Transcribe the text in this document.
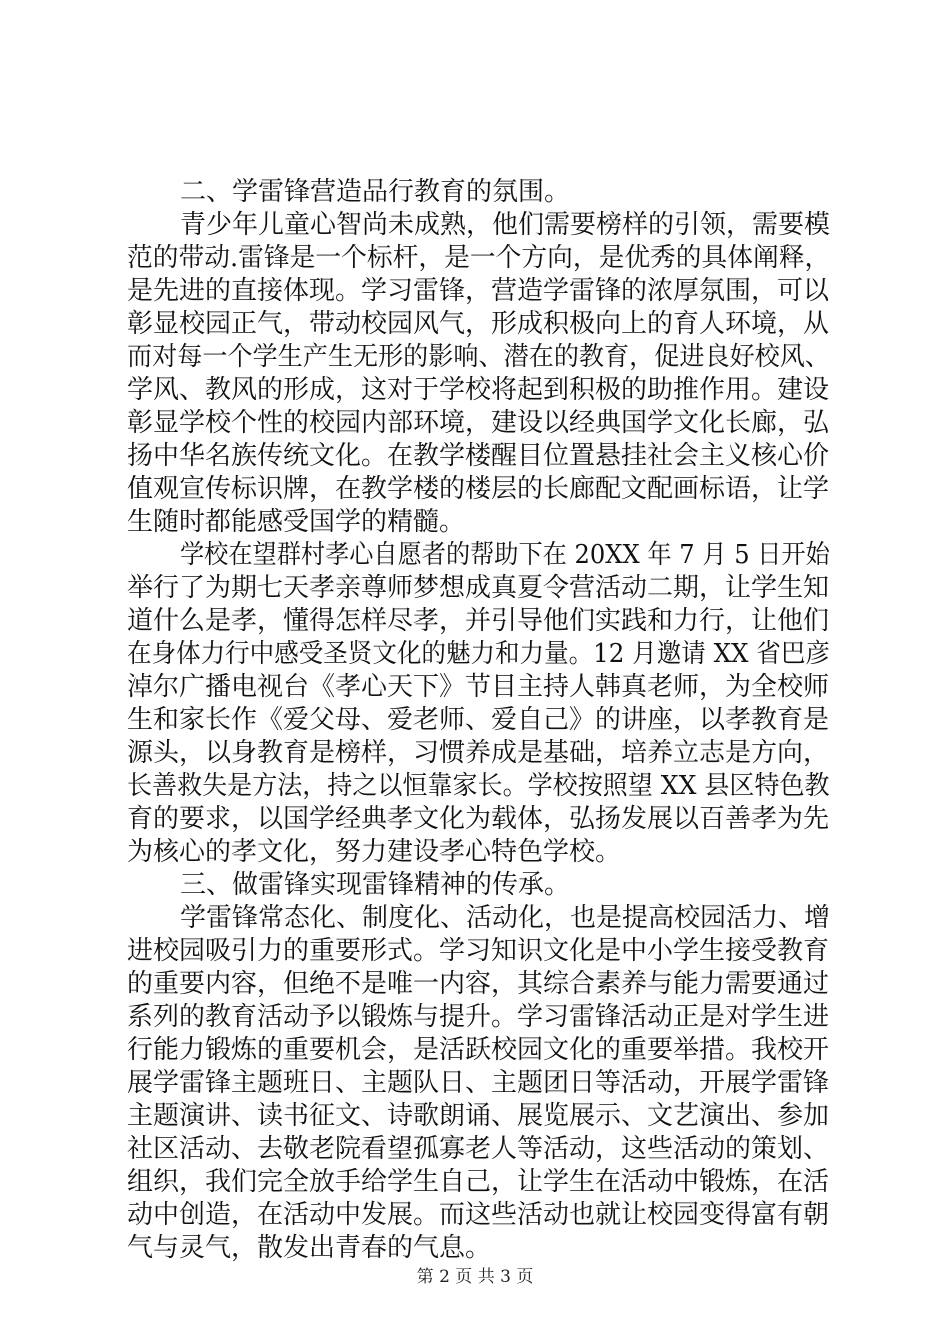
二、学雷锋营造品行教育的氛围。
青少年儿童心智尚未成熟，他们需要榜样的引领，需要模
范的带动.雷锋是一个标杆，是一个方向，是优秀的具体阐释，
是先进的直接体现。学习雷锋，营造学雷锋的浓厚氛围，可以
彰显校园正气，带动校园风气，形成积极向上的育人环境，从
而对每一个学生产生无形的影响、潜在的教育，促进良好校风、
学风、教风的形成，这对于学校将起到积极的助推作用。建设
彰显学校个性的校园内部环境，建设以经典国学文化长廊，弘
扬中华名族传统文化。在教学楼醒目位置悬挂社会主义核心价
值观宣传标识牌，在教学楼的楼层的长廊配文配画标语，让学
生随时都能感受国学的精髓。
学校在望群村孝心自愿者的帮助下在 20XX 年 7 月 5 日开始
举行了为期七天孝亲尊师梦想成真夏令营活动二期，让学生知
道什么是孝，懂得怎样尽孝，并引导他们实践和力行，让他们
在身体力行中感受圣贤文化的魅力和力量。12 月邀请 XX 省巴彦
淖尔广播电视台《孝心天下》节目主持人韩真老师，为全校师
生和家长作《爱父母、爱老师、爱自己》的讲座，以孝教育是
源头，以身教育是榜样，习惯养成是基础，培养立志是方向，
长善救失是方法，持之以恒靠家长。学校按照望 XX 县区特色教
育的要求，以国学经典孝文化为载体，弘扬发展以百善孝为先
为核心的孝文化，努力建设孝心特色学校。
三、做雷锋实现雷锋精神的传承。
学雷锋常态化、制度化、活动化，也是提高校园活力、增
进校园吸引力的重要形式。学习知识文化是中小学生接受教育
的重要内容，但绝不是唯一内容，其综合素养与能力需要通过
系列的教育活动予以锻炼与提升。学习雷锋活动正是对学生进
行能力锻炼的重要机会，是活跃校园文化的重要举措。我校开
展学雷锋主题班日、主题队日、主题团日等活动，开展学雷锋
主题演讲、读书征文、诗歌朗诵、展览展示、文艺演出、参加
社区活动、去敬老院看望孤寡老人等活动，这些活动的策划、
组织，我们完全放手给学生自己，让学生在活动中锻炼，在活
动中创造，在活动中发展。而这些活动也就让校园变得富有朝
气与灵气，散发出青春的气息。
第 2 页 共 3 页
